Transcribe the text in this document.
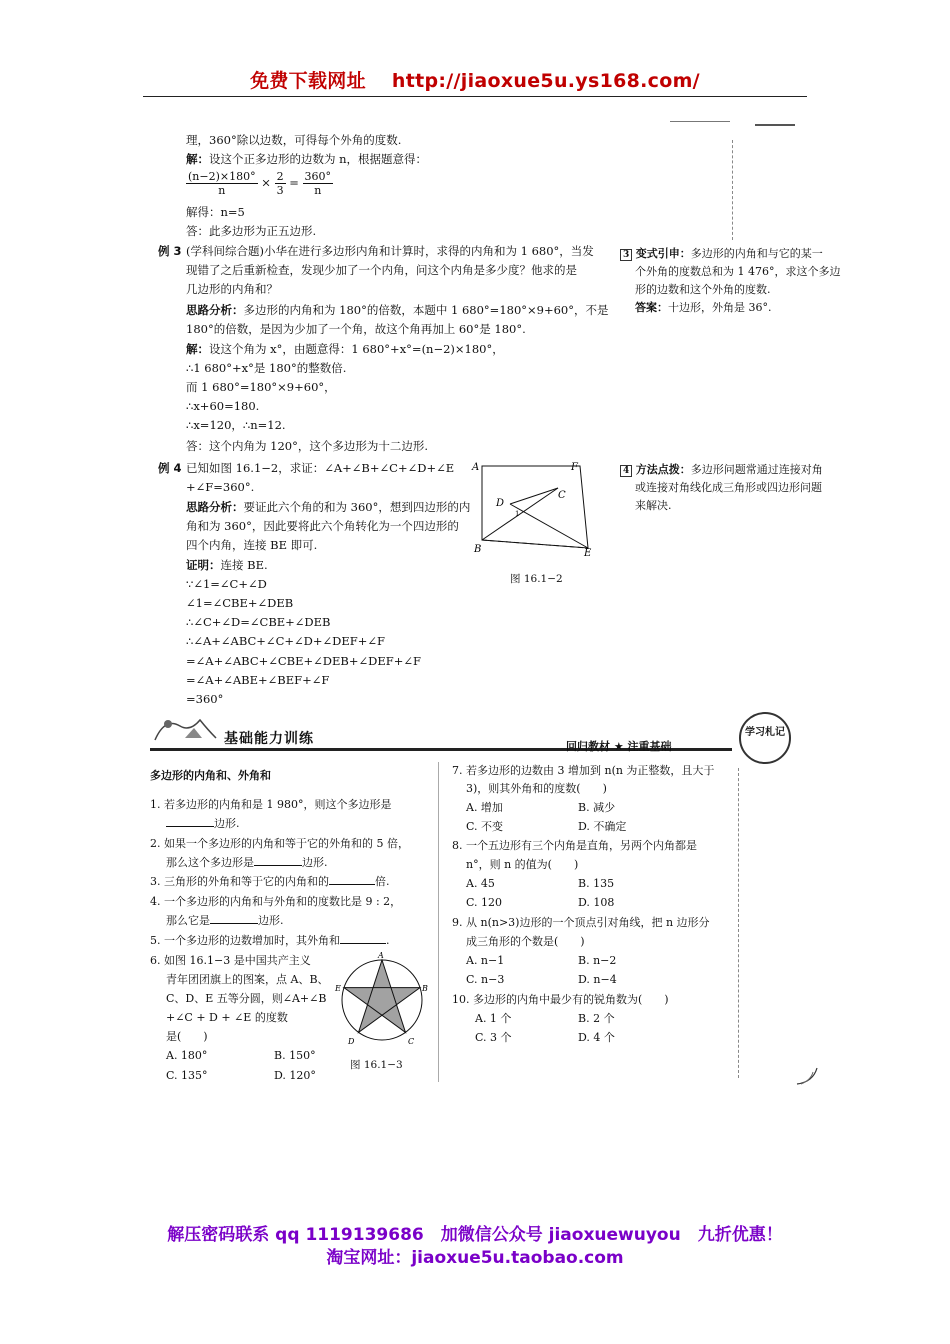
免费下载网址 http://jiaoxue5u.ys168.com/
理，360°除以边数，可得每个外角的度数.
解：设这个正多边形的边数为 n，根据题意得：
$\frac{(n-2)\times 180^\circ}{n} \times \frac{2}{3} = \frac{360^\circ}{n}$
解得：n=5
答：此多边形为正五边形.
例 3 (学科间综合题)小华在进行多边形内角和计算时，求得的内角和为 1 680°，当发
现错了之后重新检查，发现少加了一个内角，问这个内角是多少度？他求的是
几边形的内角和？
思路分析：多边形的内角和为 180°的倍数，本题中 1 680°=180°×9+60°，不是
180°的倍数，是因为少加了一个角，故这个角再加上 60°是 180°.
解：设这个角为 x°，由题意得：1 680°+x°=(n−2)×180°，
∴1 680°+x°是 180°的整数倍.
而 1 680°=180°×9+60°，
∴x+60=180.
∴x=120，∴n=12.
答：这个内角为 120°，这个多边形为十二边形.
3 变式引申：多边形的内角和与它的某一
个外角的度数总和为 1 476°，求这个多边
形的边数和这个外角的度数.
答案：十边形，外角是 36°.
例 4 已知如图 16.1−2，求证：∠A+∠B+∠C+∠D+∠E
+∠F=360°.
思路分析：要证此六个角的和为 360°，想到四边形的内
角和为 360°，因此要将此六个角转化为一个四边形的
四个内角，连接 BE 即可.
证明：连接 BE.
∵∠1=∠C+∠D
∠1=∠CBE+∠DEB
∴∠C+∠D=∠CBE+∠DEB
∴∠A+∠ABC+∠C+∠D+∠DEF+∠F
=∠A+∠ABC+∠CBE+∠DEB+∠DEF+∠F
=∠A+∠ABE+∠BEF+∠F
=360°
A	F
C
D
1
B	E
图 16.1−2
4 方法点拨：多边形问题常通过连接对角
或连接对角线化成三角形或四边形问题
来解决.
基础能力训练	回归教材 ★ 注重基础
学习札记
多边形的内角和、外角和
1. 若多边形的内角和是 1 980°，则这个多边形是
边形.
2. 如果一个多边形的内角和等于它的外角和的 5 倍，
那么这个多边形是	边形.
3. 三角形的外角和等于它的内角和的	倍.
4. 一个多边形的内角和与外角和的度数比是 9 : 2，
那么它是	边形.
5. 一个多边形的边数增加时，其外角和	.
6. 如图 16.1−3 是中国共产主义
青年团团旗上的图案，点 A、B、
C、D、E 五等分圆，则∠A+∠B
+∠C + D + ∠E 的度数
是(　　)
A. 180°	B. 150°
C. 135°	D. 120°
A
B
C
D
E
图 16.1−3
7. 若多边形的边数由 3 增加到 n(n 为正整数，且大于
3)，则其外角和的度数(　　)
A. 增加	B. 减少
C. 不变	D. 不确定
8. 一个五边形有三个内角是直角，另两个内角都是
n°，则 n 的值为(　　)
A. 45	B. 135
C. 120	D. 108
9. 从 n(n>3)边形的一个顶点引对角线，把 n 边形分
成三角形的个数是(　　)
A. n−1	B. n−2
C. n−3	D. n−4
10. 多边形的内角中最少有的锐角数为(　　)
A. 1 个	B. 2 个
C. 3 个	D. 4 个
解压密码联系 qq 1119139686　加微信公众号 jiaoxuewuyou　九折优惠！
淘宝网址：jiaoxue5u.taobao.com
